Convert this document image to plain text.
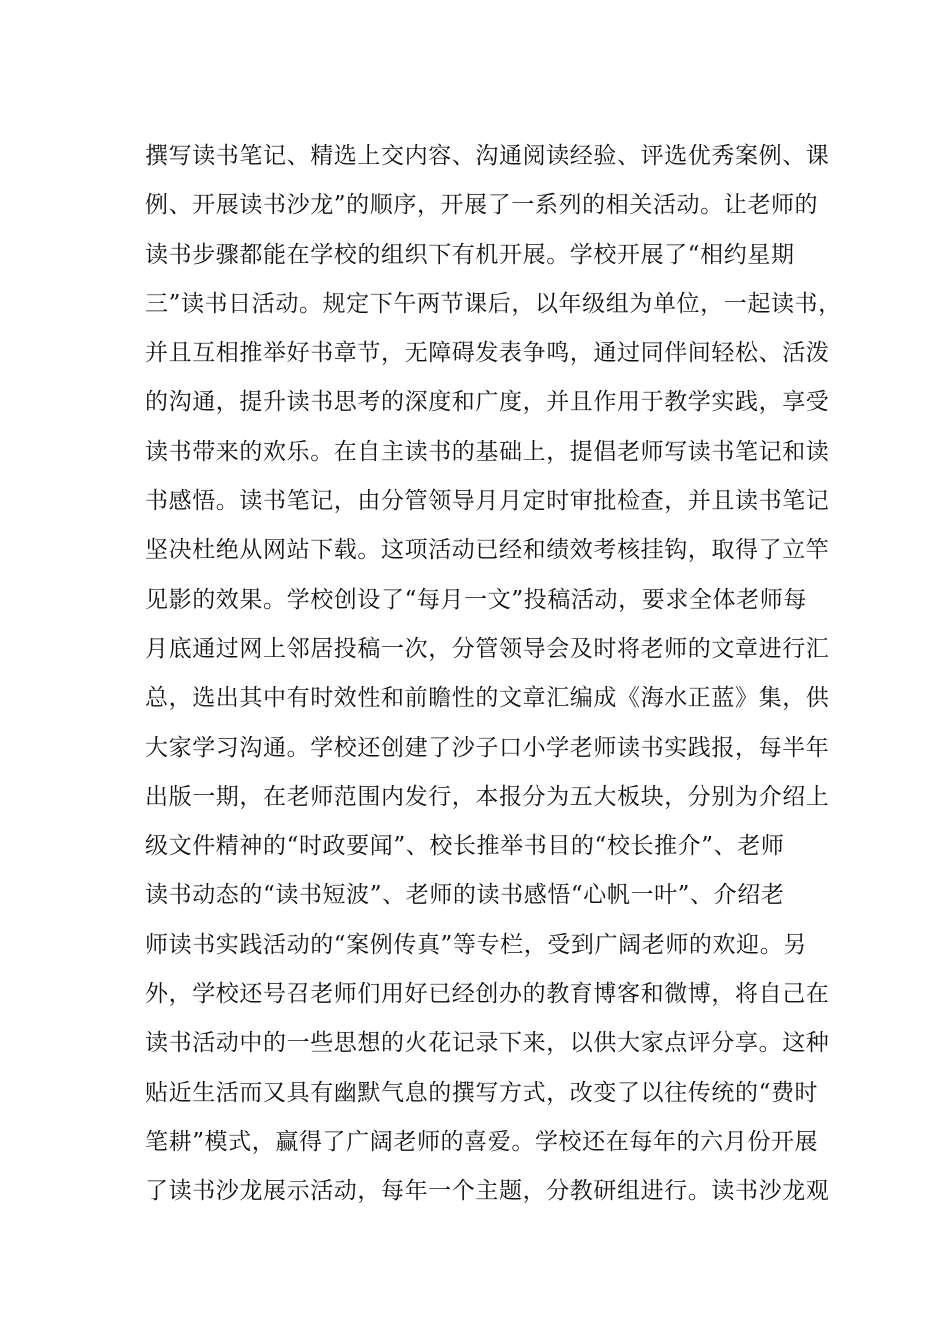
撰写读书笔记、精选上交内容、沟通阅读经验、评选优秀案例、课
例、开展读书沙龙”的顺序，开展了一系列的相关活动。让老师的
读书步骤都能在学校的组织下有机开展。学校开展了“相约星期
三”读书日活动。规定下午两节课后，以年级组为单位，一起读书，
并且互相推举好书章节，无障碍发表争鸣，通过同伴间轻松、活泼
的沟通，提升读书思考的深度和广度，并且作用于教学实践，享受
读书带来的欢乐。在自主读书的基础上，提倡老师写读书笔记和读
书感悟。读书笔记，由分管领导月月定时审批检查，并且读书笔记
坚决杜绝从网站下载。这项活动已经和绩效考核挂钩，取得了立竿
见影的效果。学校创设了“每月一文”投稿活动，要求全体老师每
月底通过网上邻居投稿一次，分管领导会及时将老师的文章进行汇
总，选出其中有时效性和前瞻性的文章汇编成《海水正蓝》集，供
大家学习沟通。学校还创建了沙子口小学老师读书实践报，每半年
出版一期，在老师范围内发行，本报分为五大板块，分别为介绍上
级文件精神的“时政要闻”、校长推举书目的“校长推介”、老师
读书动态的“读书短波”、老师的读书感悟“心帆一叶”、介绍老
师读书实践活动的“案例传真”等专栏，受到广阔老师的欢迎。另
外，学校还号召老师们用好已经创办的教育博客和微博，将自己在
读书活动中的一些思想的火花记录下来，以供大家点评分享。这种
贴近生活而又具有幽默气息的撰写方式，改变了以往传统的“费时
笔耕”模式，赢得了广阔老师的喜爱。学校还在每年的六月份开展
了读书沙龙展示活动，每年一个主题，分教研组进行。读书沙龙观
